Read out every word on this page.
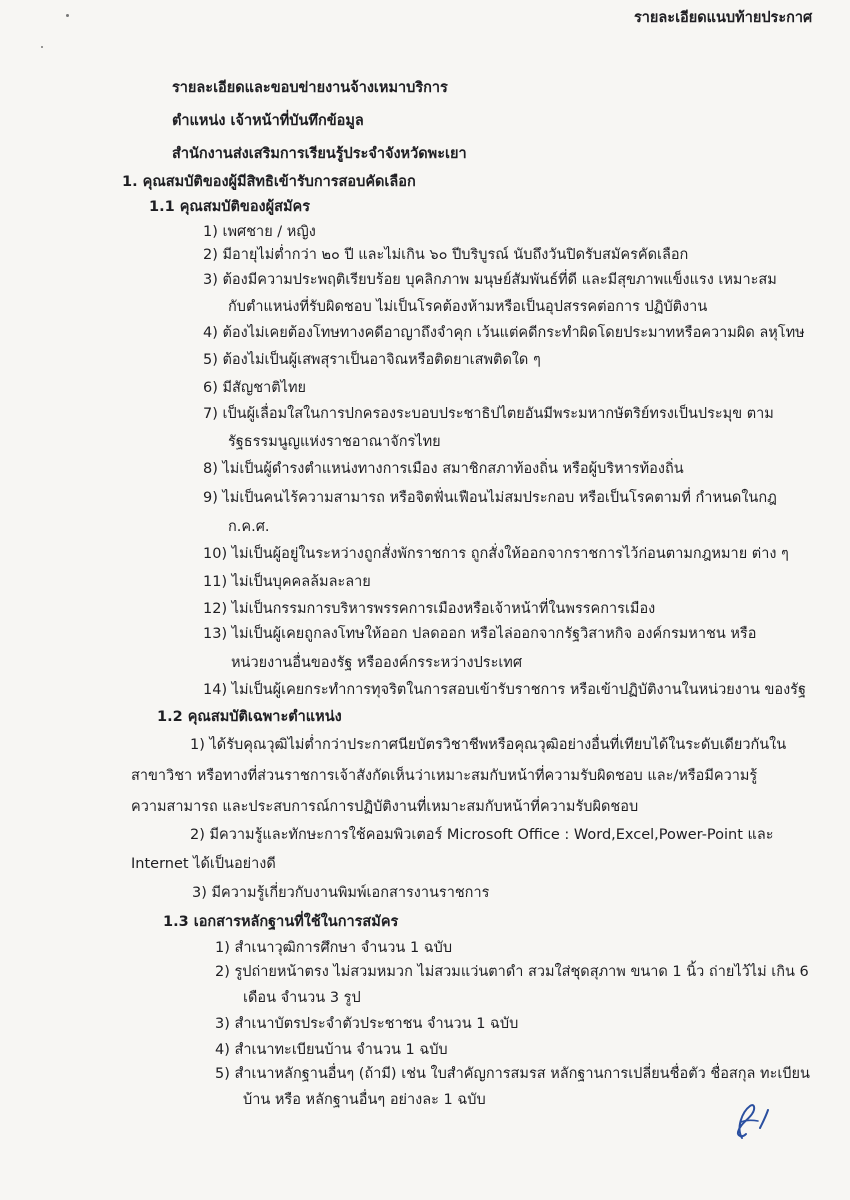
รายละเอียดแนบท้ายประกาศ
รายละเอียดและขอบข่ายงานจ้างเหมาบริการ
ตำแหน่ง เจ้าหน้าที่บันทึกข้อมูล
สำนักงานส่งเสริมการเรียนรู้ประจำจังหวัดพะเยา
1. คุณสมบัติของผู้มีสิทธิเข้ารับการสอบคัดเลือก
1.1 คุณสมบัติของผู้สมัคร
1) เพศชาย / หญิง
2) มีอายุไม่ต่ำกว่า ๒๐ ปี และไม่เกิน ๖๐ ปีบริบูรณ์ นับถึงวันปิดรับสมัครคัดเลือก
3) ต้องมีความประพฤติเรียบร้อย บุคลิกภาพ มนุษย์สัมพันธ์ที่ดี และมีสุขภาพแข็งแรง เหมาะสม
กับตำแหน่งที่รับผิดชอบ ไม่เป็นโรคต้องห้ามหรือเป็นอุปสรรคต่อการ ปฏิบัติงาน
4) ต้องไม่เคยต้องโทษทางคดีอาญาถึงจำคุก เว้นแต่คดีกระทำผิดโดยประมาทหรือความผิด ลหุโทษ
5) ต้องไม่เป็นผู้เสพสุราเป็นอาจิณหรือติดยาเสพติดใด ๆ
6) มีสัญชาติไทย
7) เป็นผู้เลื่อมใสในการปกครองระบอบประชาธิปไตยอันมีพระมหากษัตริย์ทรงเป็นประมุข ตาม
รัฐธรรมนูญแห่งราชอาณาจักรไทย
8) ไม่เป็นผู้ดำรงตำแหน่งทางการเมือง สมาชิกสภาท้องถิ่น หรือผู้บริหารท้องถิ่น
9) ไม่เป็นคนไร้ความสามารถ หรือจิตฟั่นเฟือนไม่สมประกอบ หรือเป็นโรคตามที่ กำหนดในกฎ
ก.ค.ศ.
10) ไม่เป็นผู้อยู่ในระหว่างถูกสั่งพักราชการ ถูกสั่งให้ออกจากราชการไว้ก่อนตามกฎหมาย ต่าง ๆ
11) ไม่เป็นบุคคลล้มละลาย
12) ไม่เป็นกรรมการบริหารพรรคการเมืองหรือเจ้าหน้าที่ในพรรคการเมือง
13) ไม่เป็นผู้เคยถูกลงโทษให้ออก ปลดออก หรือไล่ออกจากรัฐวิสาหกิจ องค์กรมหาชน หรือ
หน่วยงานอื่นของรัฐ หรือองค์กรระหว่างประเทศ
14) ไม่เป็นผู้เคยกระทำการทุจริตในการสอบเข้ารับราชการ หรือเข้าปฏิบัติงานในหน่วยงาน ของรัฐ
1.2 คุณสมบัติเฉพาะตำแหน่ง
1) ได้รับคุณวุฒิไม่ต่ำกว่าประกาศนียบัตรวิชาชีพหรือคุณวุฒิอย่างอื่นที่เทียบได้ในระดับเดียวกันใน
สาขาวิชา หรือทางที่ส่วนราชการเจ้าสังกัดเห็นว่าเหมาะสมกับหน้าที่ความรับผิดชอบ และ/หรือมีความรู้
ความสามารถ และประสบการณ์การปฏิบัติงานที่เหมาะสมกับหน้าที่ความรับผิดชอบ
2) มีความรู้และทักษะการใช้คอมพิวเตอร์ Microsoft Office : Word,Excel,Power-Point และ
Internet ได้เป็นอย่างดี
3) มีความรู้เกี่ยวกับงานพิมพ์เอกสารงานราชการ
1.3 เอกสารหลักฐานที่ใช้ในการสมัคร
1) สำเนาวุฒิการศึกษา จำนวน 1 ฉบับ
2) รูปถ่ายหน้าตรง ไม่สวมหมวก ไม่สวมแว่นตาดำ สวมใส่ชุดสุภาพ ขนาด 1 นิ้ว ถ่ายไว้ไม่ เกิน 6
เดือน จำนวน 3 รูป
3) สำเนาบัตรประจำตัวประชาชน จำนวน 1 ฉบับ
4) สำเนาทะเบียนบ้าน จำนวน 1 ฉบับ
5) สำเนาหลักฐานอื่นๆ (ถ้ามี) เช่น ใบสำคัญการสมรส หลักฐานการเปลี่ยนชื่อตัว ชื่อสกุล ทะเบียน
บ้าน หรือ หลักฐานอื่นๆ อย่างละ 1 ฉบับ
